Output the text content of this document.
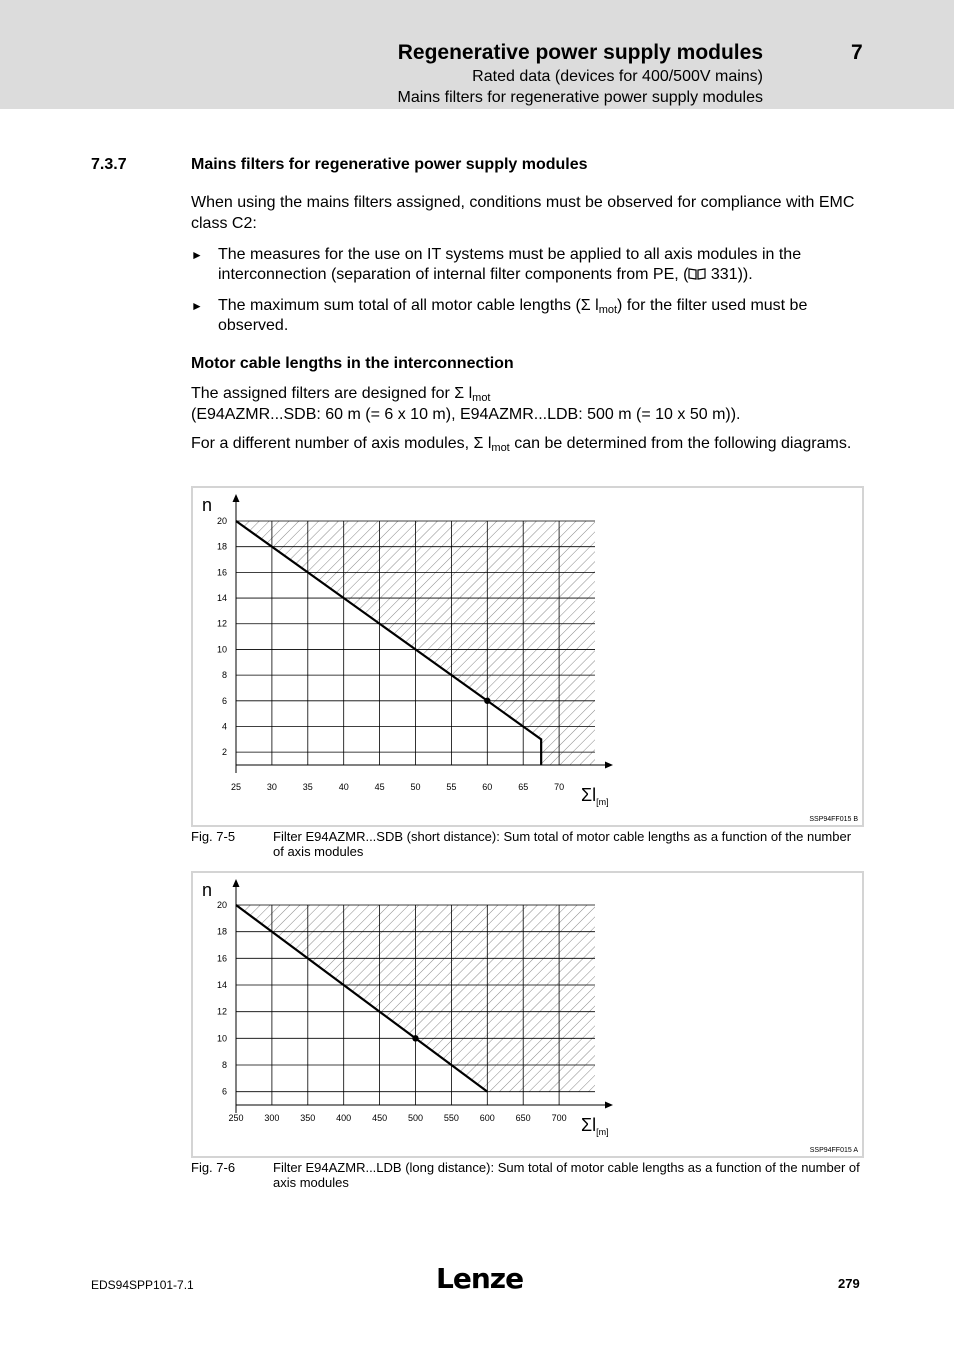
Regenerative power supply modules	7
Rated data (devices for 400/500V mains)
Mains filters for regenerative power supply modules
7.3.7	Mains filters for regenerative power supply modules
When using the mains filters assigned, conditions must be observed for compliance with EMC class C2:
► The measures for the use on IT systems must be applied to all axis modules in the interconnection (separation of internal filter components from PE, ( 331)).
► The maximum sum total of all motor cable lengths (Σ $l_{mot}$) for the filter used must be observed.
Motor cable lengths in the interconnection
The assigned filters are designed for Σ $l_{mot}$
(E94AZMR...SDB: 60 m (= 6 x 10 m), E94AZMR...LDB: 500 m (= 10 x 50 m)).
For a different number of axis modules, Σ $l_{mot}$ can be determined from the following diagrams.
2
4
6
8
10
12
14
16
18
20
25	30	35	40	45	50	55	60	65	70
n
$\Sigma l_{[m]}$
SSP94FF015 B
Fig. 7-5	Filter E94AZMR...SDB (short distance): Sum total of motor cable lengths as a function of the number of axis modules
6
8
10
12
14
16
18
20
250 300 350 400 450 500 550 600 650 700
n
$\Sigma l_{[m]}$
SSP94FF015 A
Fig. 7-6	Filter E94AZMR...LDB (long distance): Sum total of motor cable lengths as a function of the number of axis modules
EDS94SPP101-7.1	Lenze	279
